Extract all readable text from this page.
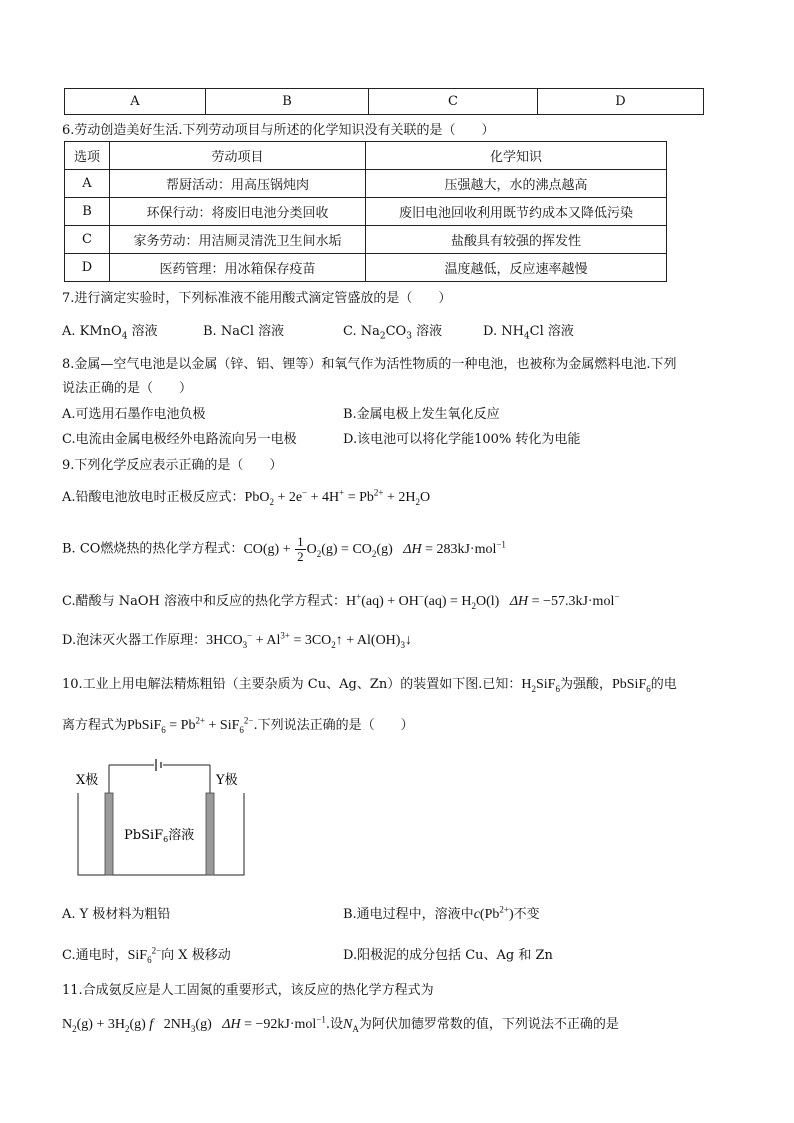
A	B	C	D
6.劳动创造美好生活.下列劳动项目与所述的化学知识没有关联的是（　　）
选项	劳动项目	化学知识
A	帮厨活动：用高压锅炖肉	压强越大，水的沸点越高
B	环保行动：将废旧电池分类回收	废旧电池回收利用既节约成本又降低污染
C	家务劳动：用洁厕灵清洗卫生间水垢	盐酸具有较强的挥发性
D	医药管理：用冰箱保存疫苗	温度越低，反应速率越慢
7.进行滴定实验时，下列标准液不能用酸式滴定管盛放的是（　　）
A. KMnO$_4$ 溶液	B. NaCl 溶液	C. $Na_2CO_3$ 溶液	D. $NH_4Cl$ 溶液
8.金属—空气电池是以金属（锌、铝、锂等）和氧气作为活性物质的一种电池，也被称为金属燃料电池.下列
说法正确的是（　　）
A.可选用石墨作电池负极	B.金属电极上发生氧化反应
C.电流由金属电极经外电路流向另一电极	D.该电池可以将化学能100% 转化为电能
9.下列化学反应表示正确的是（　　）
A.铅酸电池放电时正极反应式：$PbO_2 + 2e^- + 4H^+ = Pb^{2+} + 2H_2O$
B. CO燃烧热的热化学方程式：$CO(g) + \frac{1}{2} O_2(g) = CO_2(g) \Delta H = 283kJ\cdot mol^{-1}$
C.醋酸与 NaOH 溶液中和反应的热化学方程式：$H^+(aq) + OH^-(aq) = H_2O(l) \Delta H = -57.3kJ\cdot mol^-$
D.泡沫灭火器工作原理：$3HCO_3^- + Al^{3+}$ = $3CO_2↑$ + $Al(OH)_3↓$
10.工业上用电解法精炼粗铅（主要杂质为 Cu、Ag、Zn）的装置如下图.已知：$H_2SiF_6$为强酸，PbSiF$_6$的电
离方程式为PbSiF$_6$ = $Pb^{2+} + SiF_6^{2-}$.下列说法正确的是（　　）
X极	Y极
PbSiF$_6$溶液
A. Y 极材料为粗铅	B.通电过程中，溶液中$c(Pb^{2+})$不变
C.通电时，SiF$_6^{2-}$向 X 极移动	D.阳极泥的成分包括 Cu、Ag 和 Zn
11.合成氨反应是人工固氮的重要形式，该反应的热化学方程式为
$N_2(g) + 3H_2(g)$ f   $2NH_3(g) \Delta H = -92kJ\cdot mol^{-1}$.设$N_A$为阿伏加德罗常数的值，下列说法不正确的是
